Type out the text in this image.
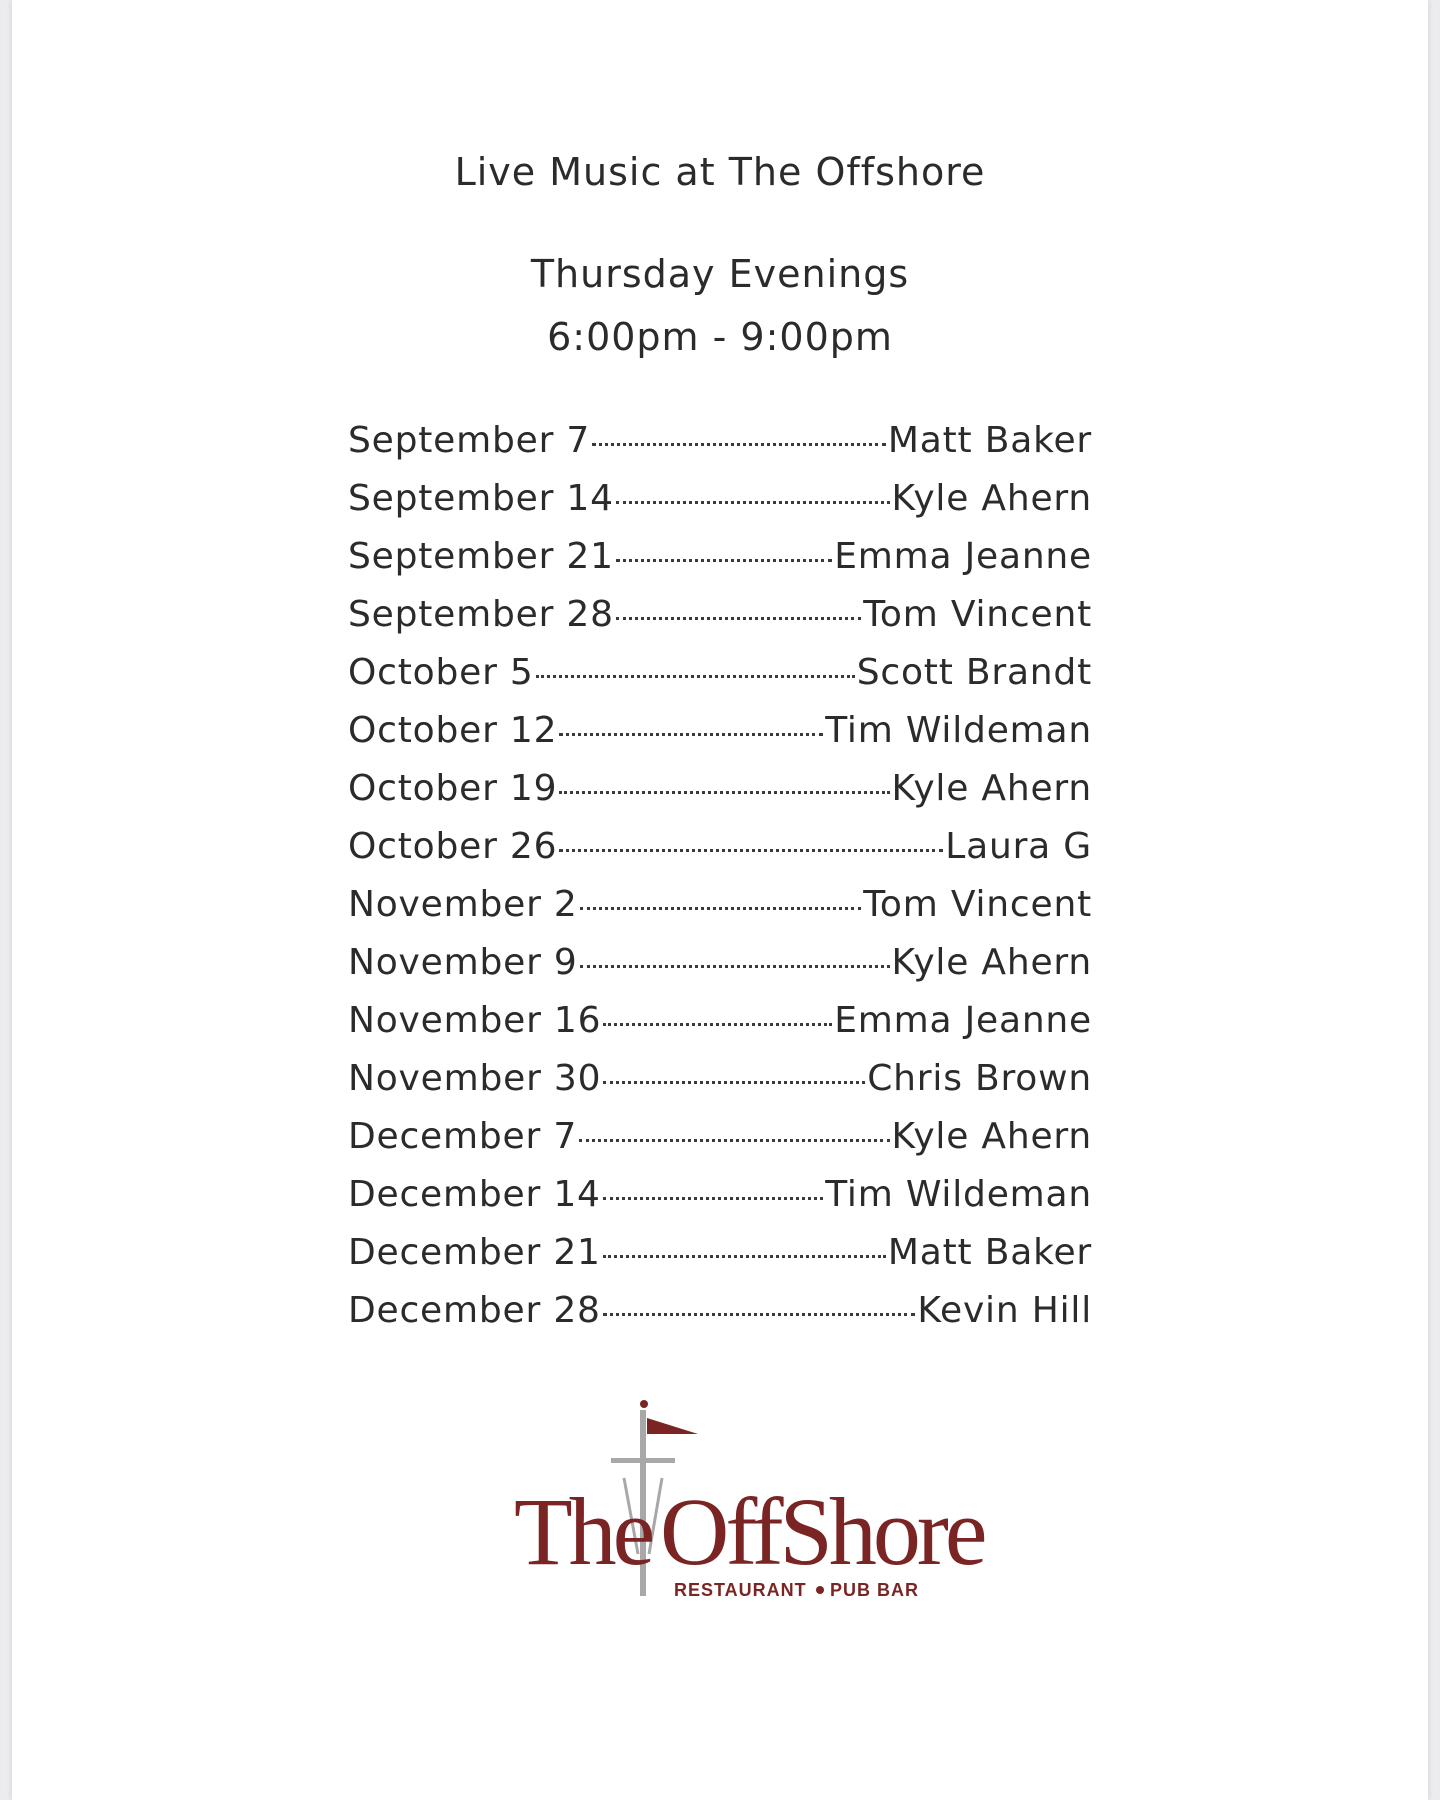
Live Music at The Offshore
Thursday Evenings
6:00pm - 9:00pm
September 7	Matt Baker
September 14	Kyle Ahern
September 21	Emma Jeanne
September 28	Tom Vincent
October 5	Scott Brandt
October 12	Tim Wildeman
October 19	Kyle Ahern
October 26	Laura G
November 2	Tom Vincent
November 9	Kyle Ahern
November 16	Emma Jeanne
November 30	Chris Brown
December 7	Kyle Ahern
December 14	Tim Wildeman
December 21	Matt Baker
December 28	Kevin Hill
The OffShore
RESTAURANT PUB BAR
